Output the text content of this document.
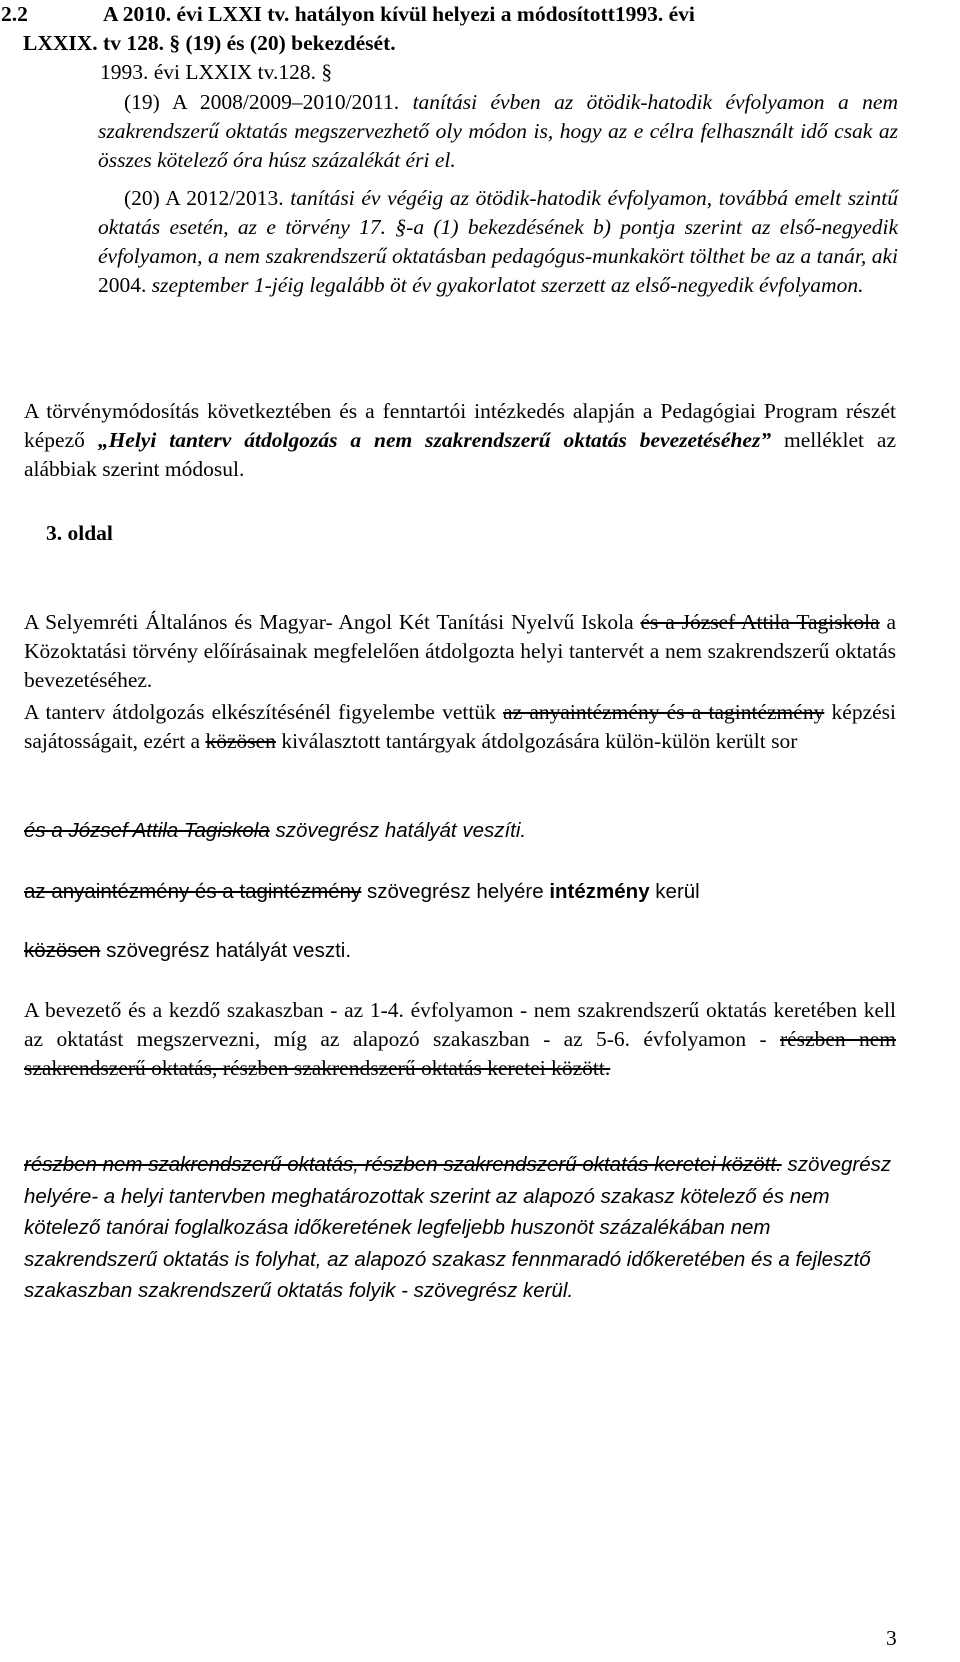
2.2	A 2010. évi LXXI tv. hatályon kívül helyezi a módosított1993. évi
LXXIX. tv 128. § (19) és (20) bekezdését.
1993. évi LXXIX tv.128. §
(19) A 2008/2009–2010/2011. tanítási évben az ötödik-hatodik évfolyamon a nem szakrendszerű oktatás megszervezhető oly módon is, hogy az e célra felhasznált idő csak az összes kötelező óra húsz százalékát éri el.
(20) A 2012/2013. tanítási év végéig az ötödik-hatodik évfolyamon, továbbá emelt szintű oktatás esetén, az e törvény 17. §-a (1) bekezdésének b) pontja szerint az első-negyedik évfolyamon, a nem szakrendszerű oktatásban pedagógus-munkakört tölthet be az a tanár, aki 2004. szeptember 1-jéig legalább öt év gyakorlatot szerzett az első-negyedik évfolyamon.
A törvénymódosítás következtében és a fenntartói intézkedés alapján a Pedagógiai Program részét képező „Helyi tanterv átdolgozás a nem szakrendszerű oktatás bevezetéséhez” melléklet az alábbiak szerint módosul.
3. oldal
A Selyemréti Általános és Magyar- Angol Két Tanítási Nyelvű Iskola és a József Attila Tagiskola a Közoktatási törvény előírásainak megfelelően átdolgozta helyi tantervét a nem szakrendszerű oktatás bevezetéséhez.
A tanterv átdolgozás elkészítésénél figyelembe vettük az anyaintézmény és a tagintézmény képzési sajátosságait, ezért a közösen kiválasztott tantárgyak átdolgozására külön-külön került sor
és a József Attila Tagiskola szövegrész hatályát veszíti.
az anyaintézmény és a tagintézmény szövegrész helyére intézmény kerül
közösen szövegrész hatályát veszti.
A bevezető és a kezdő szakaszban - az 1-4. évfolyamon - nem szakrendszerű oktatás keretében kell az oktatást megszervezni, míg az alapozó szakaszban - az 5-6. évfolyamon - részben nem szakrendszerű oktatás, részben szakrendszerű oktatás keretei között.
részben nem szakrendszerű oktatás, részben szakrendszerű oktatás keretei között. szövegrész helyére- a helyi tantervben meghatározottak szerint az alapozó szakasz kötelező és nem kötelező tanórai foglalkozása időkeretének legfeljebb huszonöt százalékában nem szakrendszerű oktatás is folyhat, az alapozó szakasz fennmaradó időkeretében és a fejlesztő szakaszban szakrendszerű oktatás folyik - szövegrész kerül.
3
